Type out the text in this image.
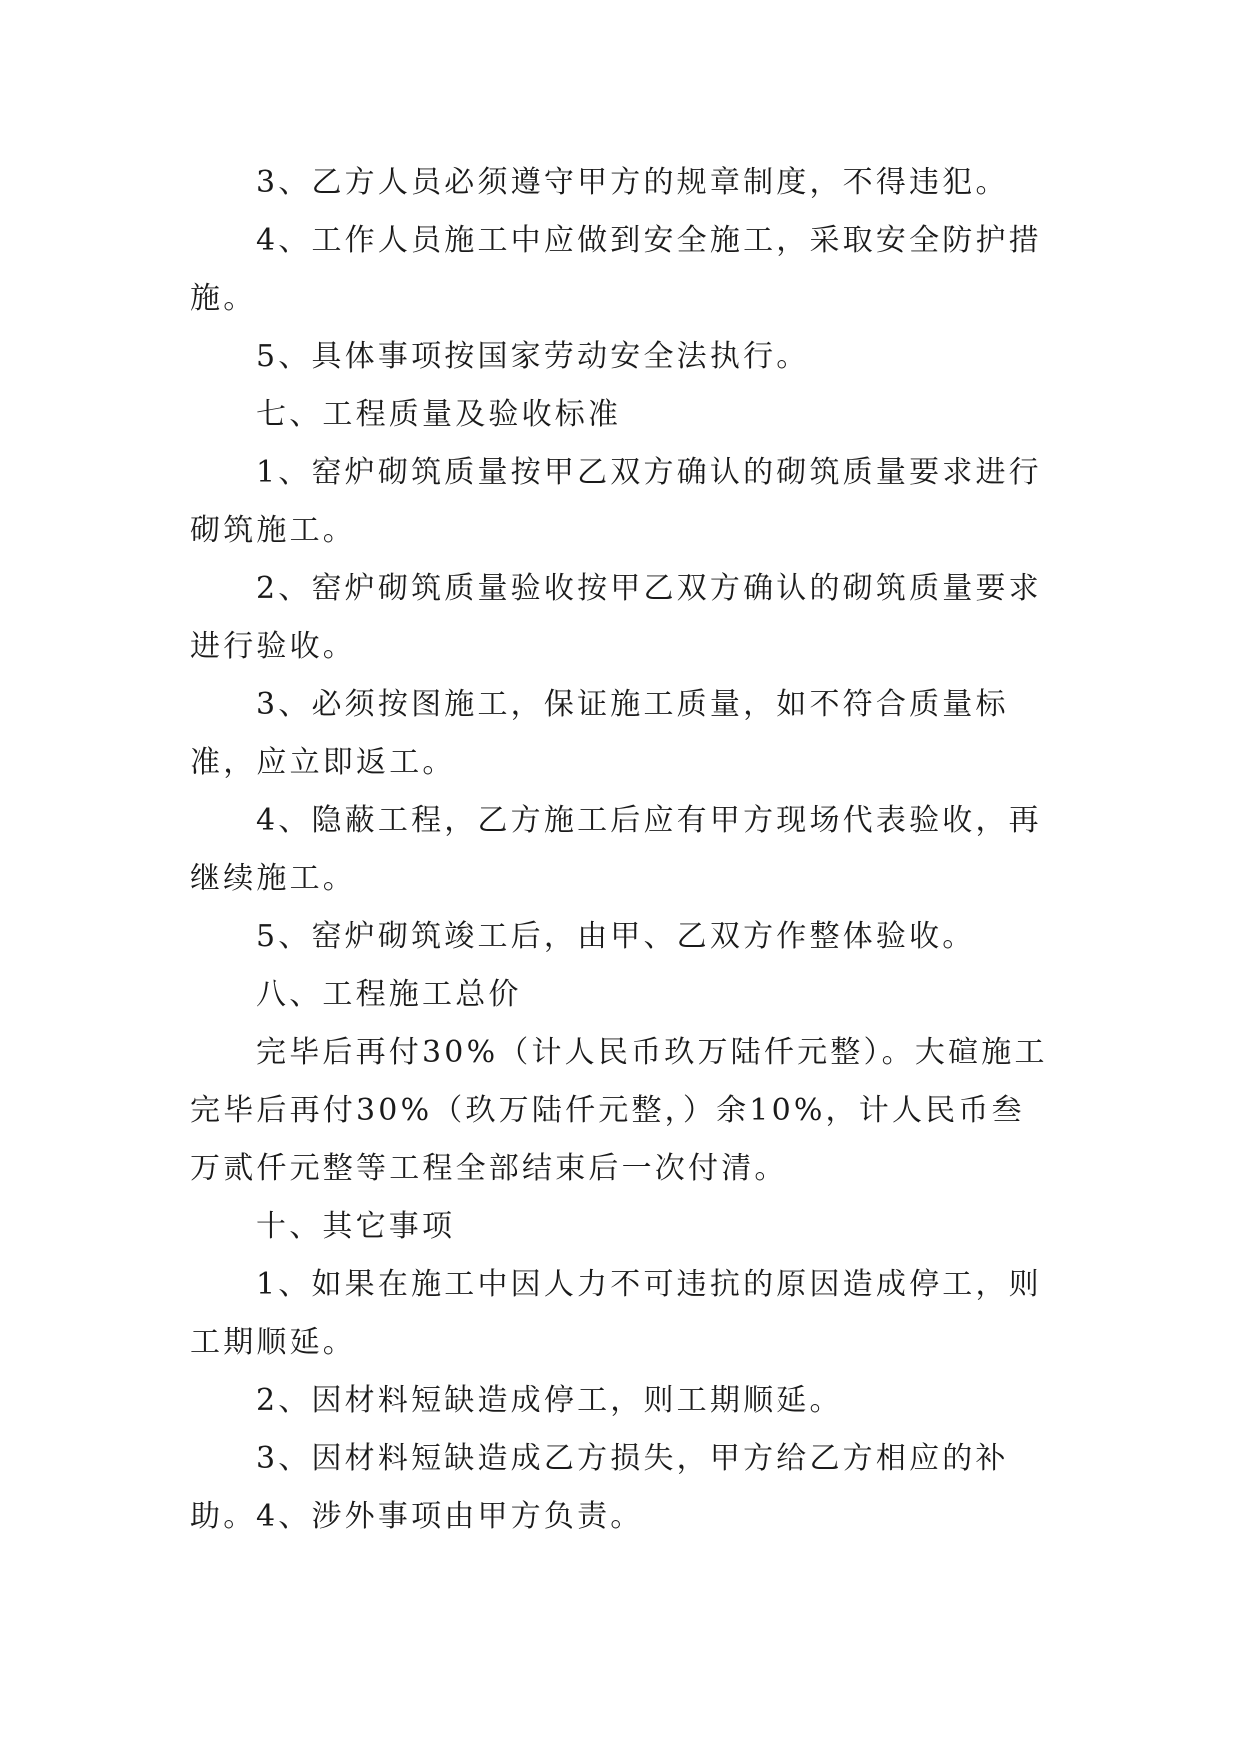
3、乙方人员必须遵守甲方的规章制度，不得违犯。

4、工作人员施工中应做到安全施工，采取安全防护措施。

5、具体事项按国家劳动安全法执行。

七、工程质量及验收标准

1、窑炉砌筑质量按甲乙双方确认的砌筑质量要求进行砌筑施工。

2、窑炉砌筑质量验收按甲乙双方确认的砌筑质量要求进行验收。

3、必须按图施工，保证施工质量，如不符合质量标准，应立即返工。

4、隐蔽工程，乙方施工后应有甲方现场代表验收，再继续施工。

5、窑炉砌筑竣工后，由甲、乙双方作整体验收。

八、工程施工总价

完毕后再付30%（计人民币玖万陆仟元整）。大碹施工完毕后再付30%（玖万陆仟元整，）余10%，计人民币叁万贰仟元整等工程全部结束后一次付清。

十、其它事项

1、如果在施工中因人力不可违抗的原因造成停工，则工期顺延。

2、因材料短缺造成停工，则工期顺延。

3、因材料短缺造成乙方损失，甲方给乙方相应的补助。 4、涉外事项由甲方负责。
